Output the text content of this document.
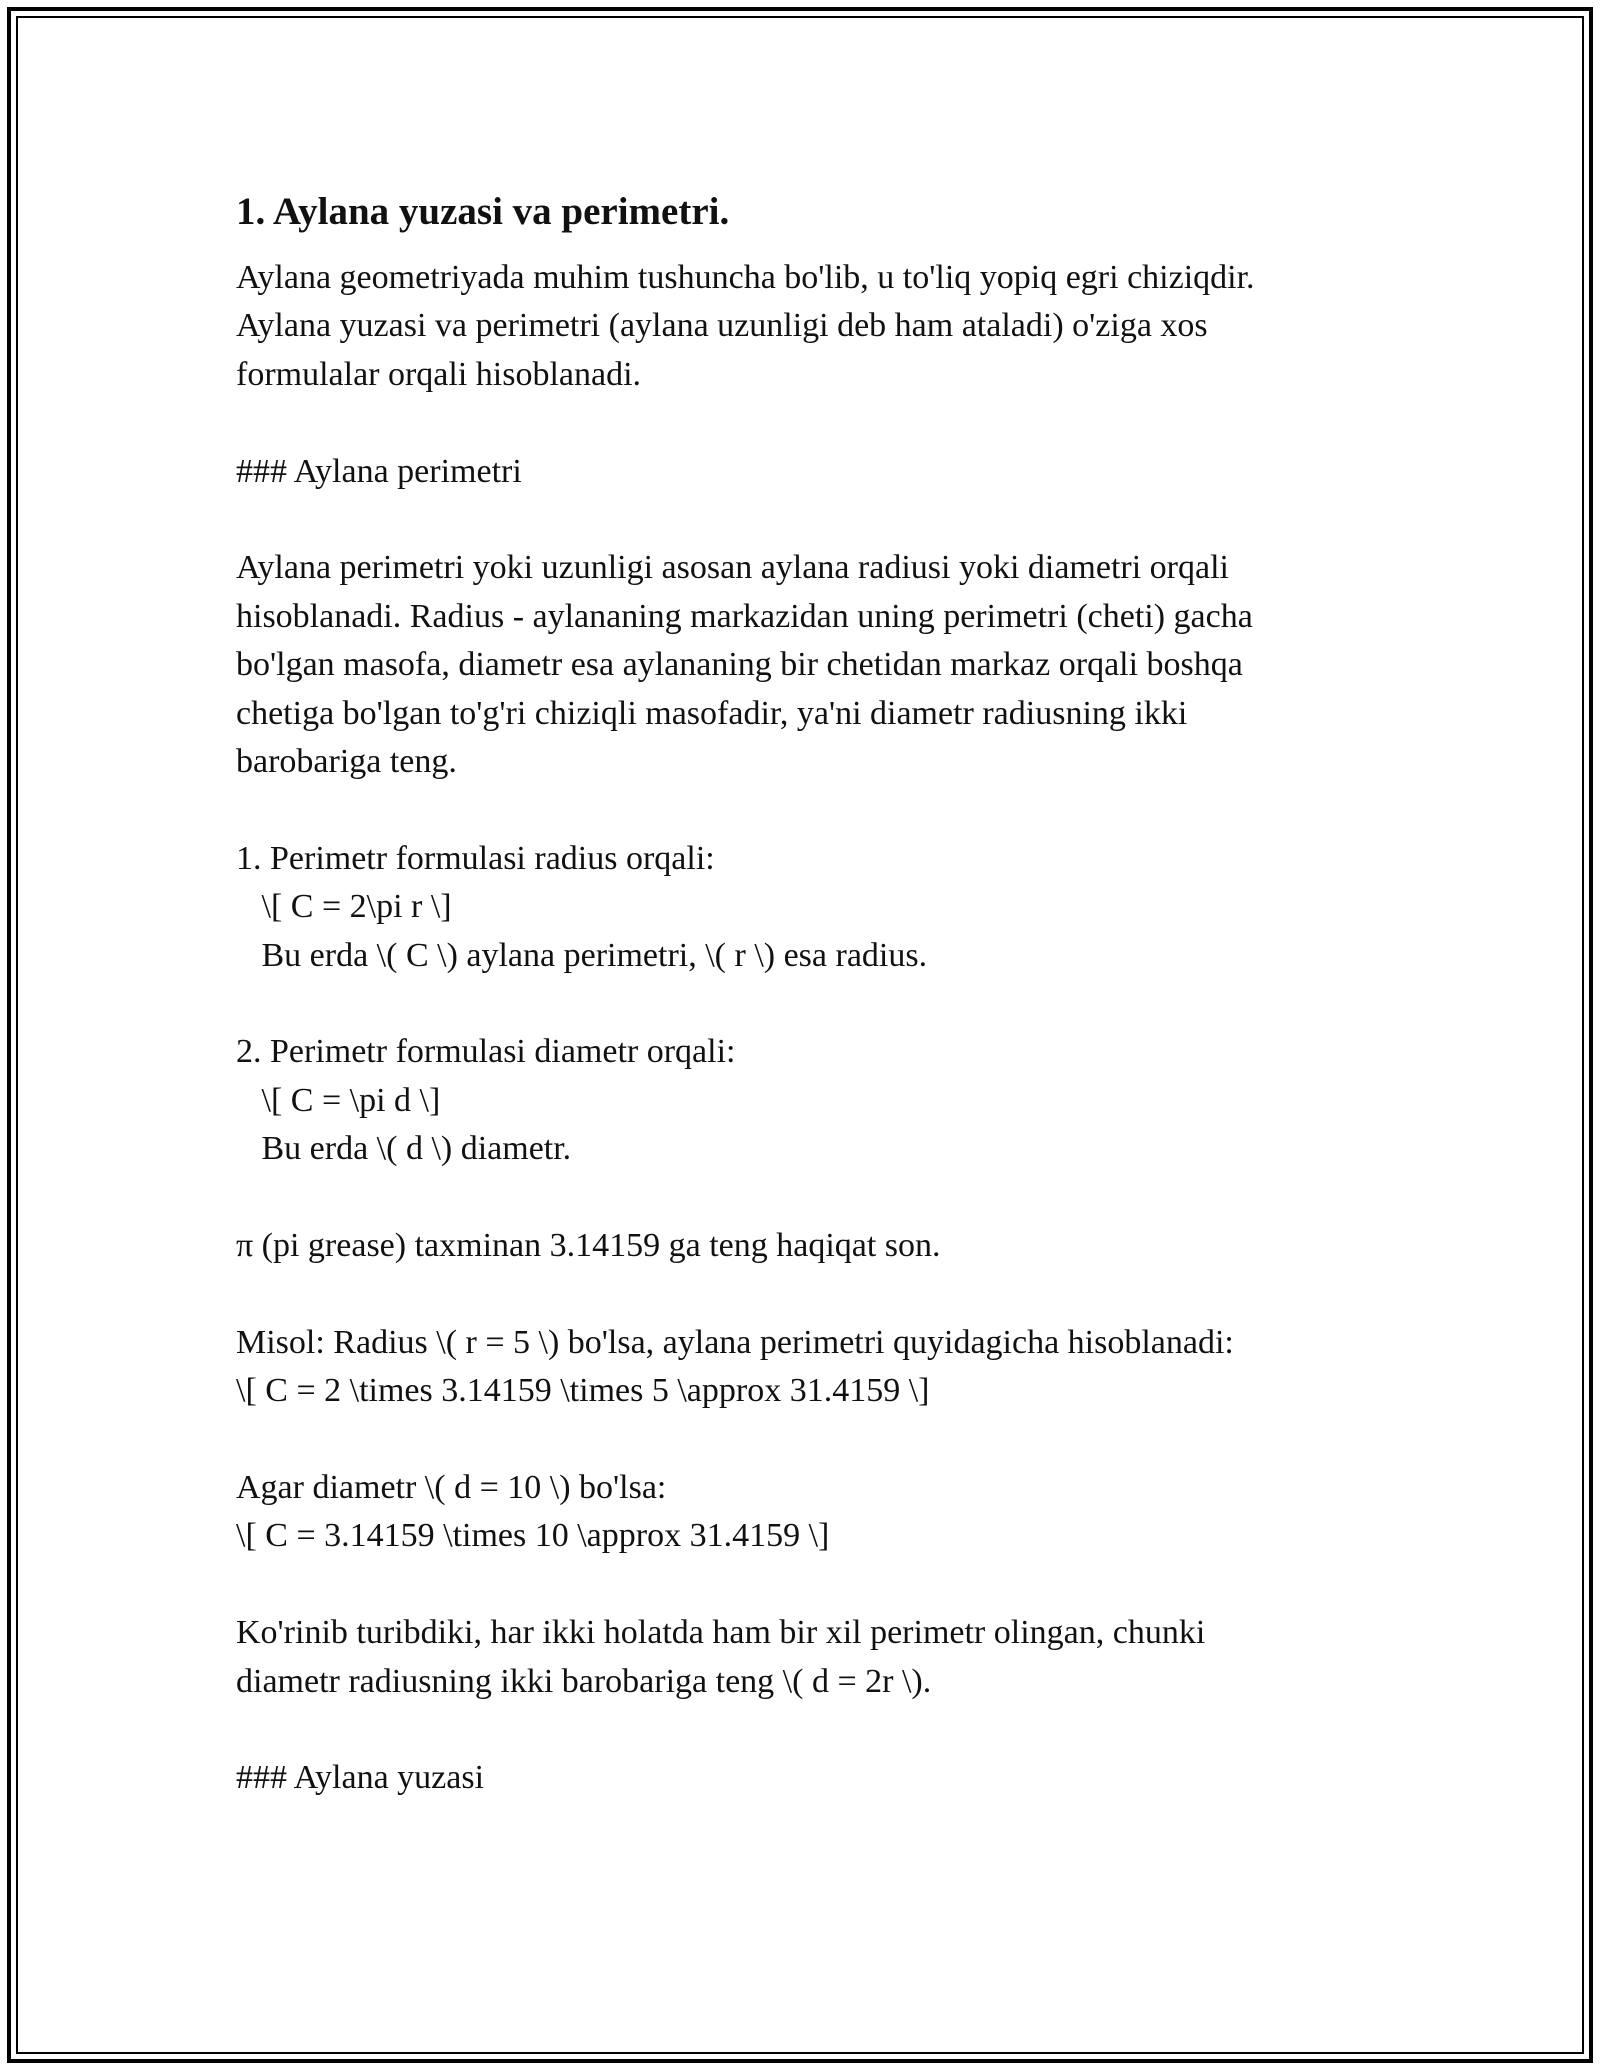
1. Aylana yuzasi va perimetri.
Aylana geometriyada muhim tushuncha bo'lib, u to'liq yopiq egri chiziqdir.
Aylana yuzasi va perimetri (aylana uzunligi deb ham ataladi) o'ziga xos
formulalar orqali hisoblanadi.
### Aylana perimetri
Aylana perimetri yoki uzunligi asosan aylana radiusi yoki diametri orqali
hisoblanadi. Radius - aylananing markazidan uning perimetri (cheti) gacha
bo'lgan masofa, diametr esa aylananing bir chetidan markaz orqali boshqa
chetiga bo'lgan to'g'ri chiziqli masofadir, ya'ni diametr radiusning ikki
barobariga teng.
1. Perimetr formulasi radius orqali:
\[ C = 2\pi r \]
Bu erda \( C \) aylana perimetri, \( r \) esa radius.
2. Perimetr formulasi diametr orqali:
\[ C = \pi d \]
Bu erda \( d \) diametr.
π (pi grease) taxminan 3.14159 ga teng haqiqat son.
Misol: Radius \( r = 5 \) bo'lsa, aylana perimetri quyidagicha hisoblanadi:
\[ C = 2 \times 3.14159 \times 5 \approx 31.4159 \]
Agar diametr \( d = 10 \) bo'lsa:
\[ C = 3.14159 \times 10 \approx 31.4159 \]
Ko'rinib turibdiki, har ikki holatda ham bir xil perimetr olingan, chunki
diametr radiusning ikki barobariga teng \( d = 2r \).
### Aylana yuzasi
